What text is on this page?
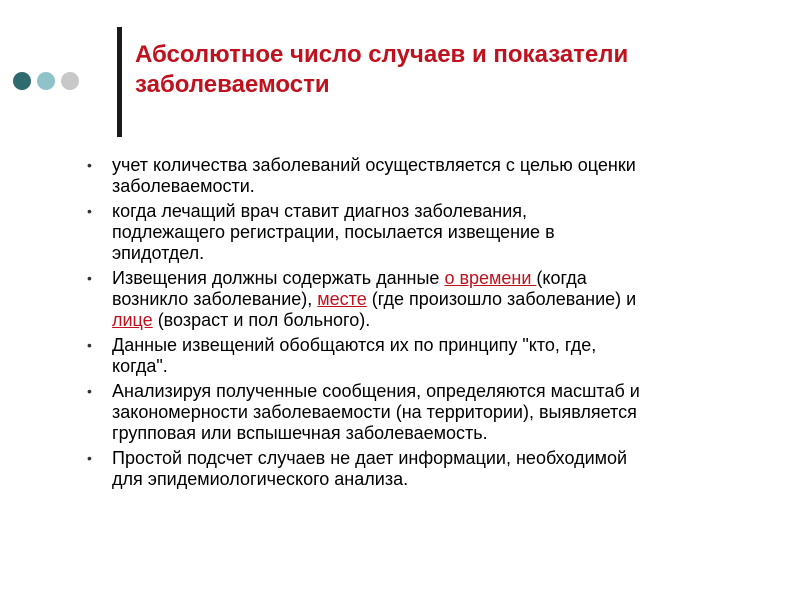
Абсолютное число случаев и показатели
заболеваемости
• учет количества заболеваний осуществляется с целью оценки
заболеваемости.
• когда лечащий врач ставит диагноз заболевания,
подлежащего регистрации, посылается извещение в
эпидотдел.
• Извещения должны содержать данные о времени (когда
возникло заболевание), месте (где произошло заболевание) и
лице (возраст и пол больного).
• Данные извещений обобщаются их по принципу "кто, где,
когда".
• Анализируя полученные сообщения, определяются масштаб и
закономерности заболеваемости (на территории), выявляется
групповая или вспышечная заболеваемость.
• Простой подсчет случаев не дает информации, необходимой
для эпидемиологического анализа.
